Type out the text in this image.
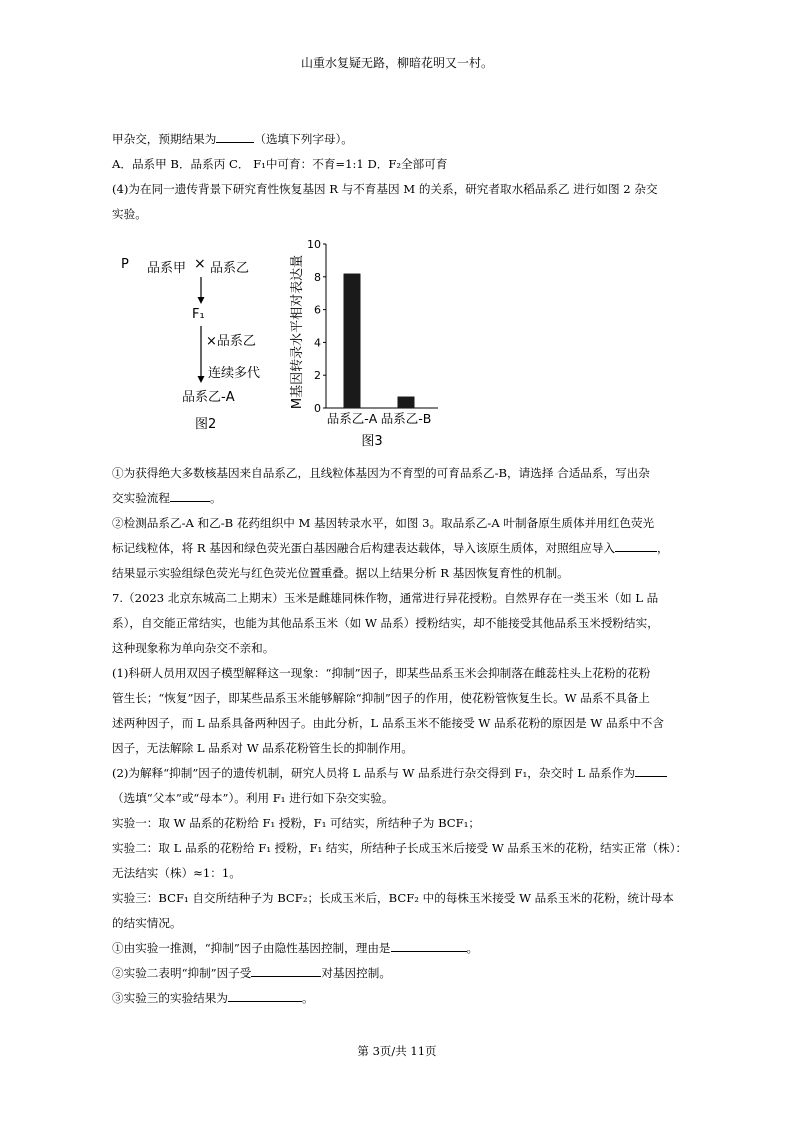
山重水复疑无路，柳暗花明又一村。
甲杂交，预期结果为	（选填下列字母）。
A．品系甲 B．品系丙 C． F₁中可育：不育=1:1 D．F₂全部可育
(4)为在同一遗传背景下研究育性恢复基因 R 与不育基因 M 的关系，研究者取水稻品系乙 进行如图 2 杂交
实验。
P 品系甲 × 品系乙
F₁
×品系乙
连续多代
品系乙-A
图2
M基因转录水平相对表达量 0
2
4
6
8
10
品系乙-A 品系乙-B
图3
①为获得绝大多数核基因来自品系乙，且线粒体基因为不育型的可育品系乙-B，请选择 合适品系，写出杂
交实验流程	。
②检测品系乙-A 和乙-B 花药组织中 M 基因转录水平，如图 3。取品系乙-A 叶制备原生质体并用红色荧光
标记线粒体，将 R 基因和绿色荧光蛋白基因融合后构建表达载体，导入该原生质体，对照组应导入	，
结果显示实验组绿色荧光与红色荧光位置重叠。据以上结果分析 R 基因恢复育性的机制。
7.（2023 北京东城高二上期末）玉米是雌雄同株作物，通常进行异花授粉。自然界存在一类玉米（如 L 品
系），自交能正常结实，也能为其他品系玉米（如 W 品系）授粉结实，却不能接受其他品系玉米授粉结实，
这种现象称为单向杂交不亲和。
(1)科研人员用双因子模型解释这一现象：“抑制”因子，即某些品系玉米会抑制落在雌蕊柱头上花粉的花粉
管生长；“恢复”因子，即某些品系玉米能够解除“抑制”因子的作用，使花粉管恢复生长。W 品系不具备上
述两种因子，而 L 品系具备两种因子。由此分析，L 品系玉米不能接受 W 品系花粉的原因是 W 品系中不含
因子，无法解除 L 品系对 W 品系花粉管生长的抑制作用。
(2)为解释“抑制”因子的遗传机制，研究人员将 L 品系与 W 品系进行杂交得到 F₁，杂交时 L 品系作为
（选填“父本”或“母本”）。利用 F₁ 进行如下杂交实验。
实验一：取 W 品系的花粉给 F₁ 授粉，F₁ 可结实，所结种子为 BCF₁；
实验二：取 L 品系的花粉给 F₁ 授粉，F₁ 结实，所结种子长成玉米后接受 W 品系玉米的花粉，结实正常（株）：
无法结实（株）≈1：1。
实验三：BCF₁ 自交所结种子为 BCF₂；长成玉米后，BCF₂ 中的每株玉米接受 W 品系玉米的花粉，统计母本
的结实情况。
①由实验一推测，“抑制”因子由隐性基因控制，理由是	。
②实验二表明“抑制”因子受	对基因控制。
③实验三的实验结果为	。
第 3页/共 11页
